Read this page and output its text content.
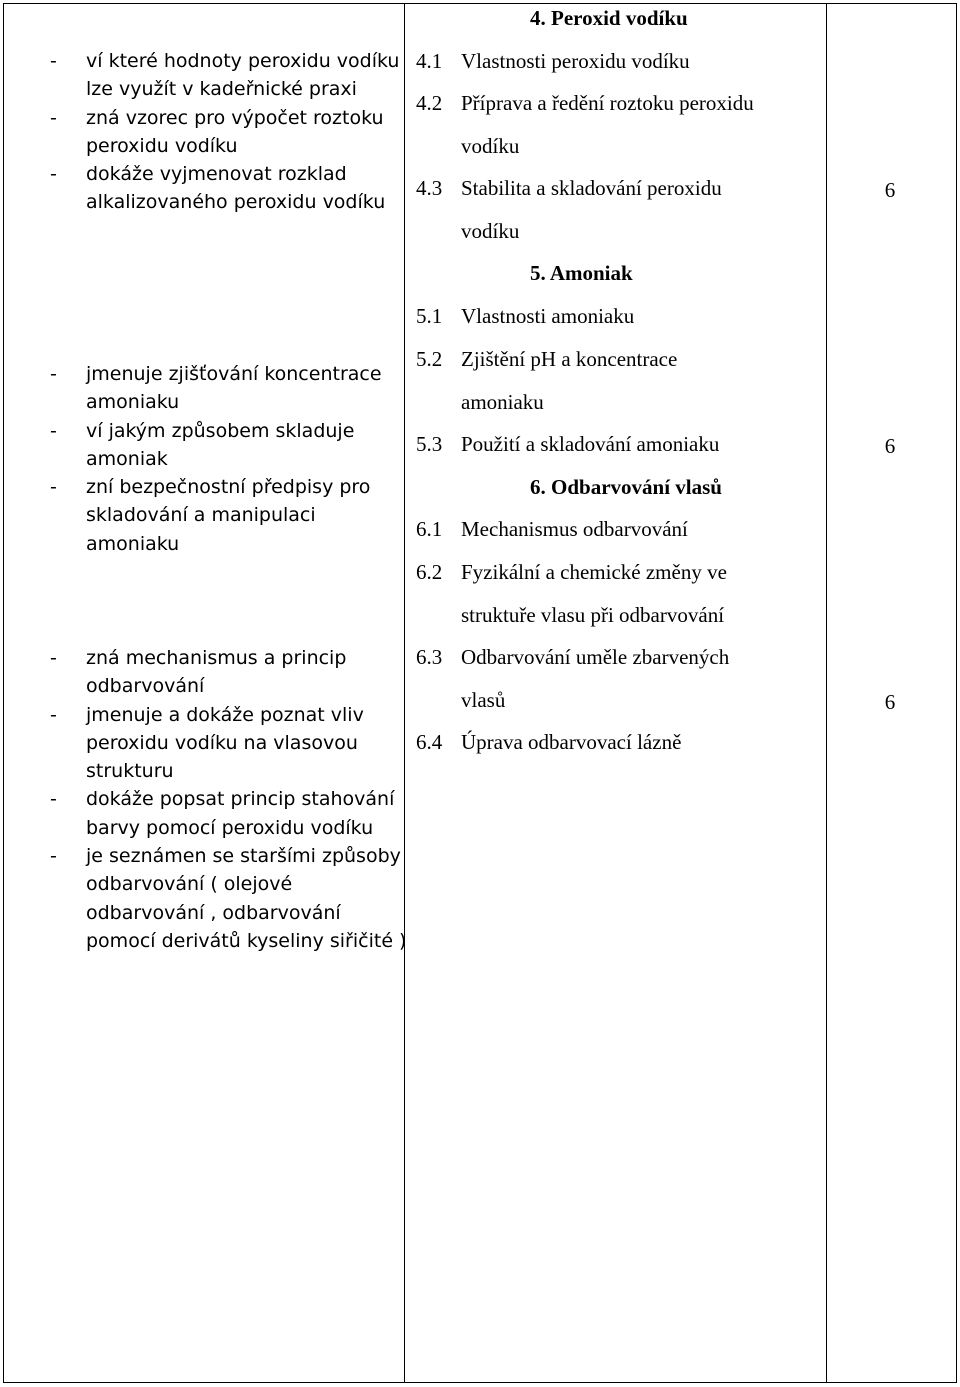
- ví které hodnoty peroxidu vodíku lze využít v kadeřnické praxi
- zná vzorec pro výpočet roztoku peroxidu vodíku
- dokáže vyjmenovat rozklad alkalizovaného peroxidu vodíku
- jmenuje zjišťování koncentrace amoniaku
- ví jakým způsobem skladuje amoniak
- zní bezpečnostní předpisy pro skladování a manipulaci amoniaku
- zná mechanismus a princip odbarvování
- jmenuje a dokáže poznat vliv peroxidu vodíku na vlasovou strukturu
- dokáže popsat princip stahování barvy pomocí peroxidu vodíku
- je seznámen se staršími způsoby odbarvování ( olejové odbarvování , odbarvování pomocí derivátů kyseliny siřičité )
4. Peroxid vodíku
4.1 Vlastnosti peroxidu vodíku
4.2 Příprava a ředění roztoku peroxidu
vodíku
4.3 Stabilita a skladování peroxidu
vodíku
5. Amoniak
5.1 Vlastnosti amoniaku
5.2 Zjištění pH a koncentrace
amoniaku
5.3 Použití a skladování amoniaku
6. Odbarvování vlasů
6.1 Mechanismus odbarvování
6.2 Fyzikální a chemické změny ve
struktuře vlasu při odbarvování
6.3 Odbarvování uměle zbarvených
vlasů
6.4 Úprava odbarvovací lázně
6
6
6
